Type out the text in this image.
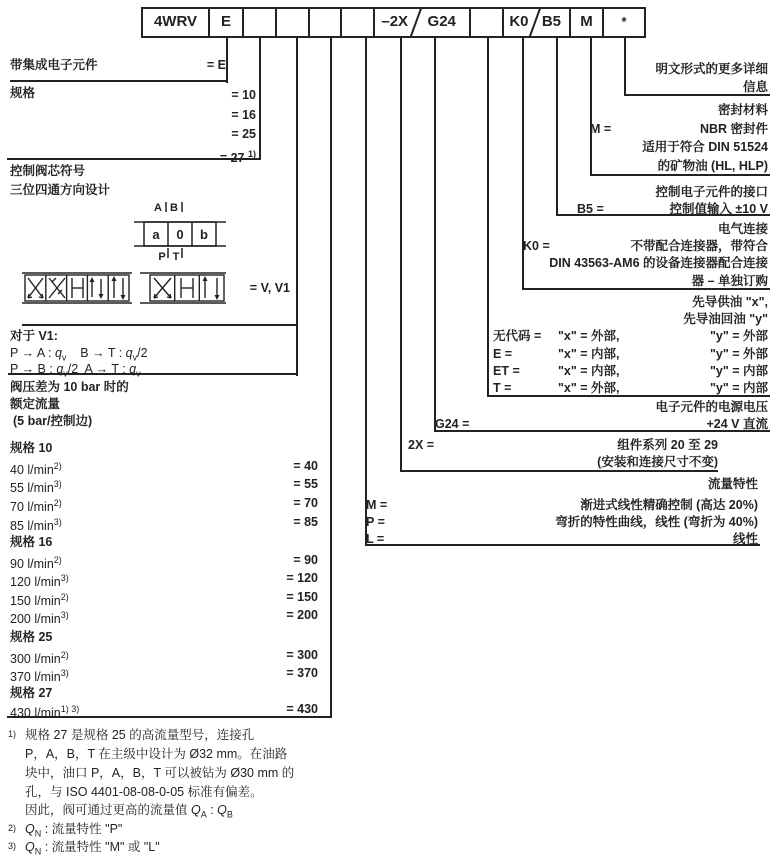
4WRV	E	–2X	G24	K0 B5	M	*
带集成电子元件	= E
规格	= 10
= 16
= 25
= 27 $^{1)}$
控制阀芯符号
三位四通方向设计
A B
a 0 b
P T
= V, V1
对于 V1:
P → A : $q_v$    B → T : $q_v/2$
P → B : $q_v/2$  A → T : $q_v$
阀压差为 10 bar 时的
额定流量
(5 bar/控制边)
规格 10
40 $l/\min^{2)}$	= 40
55 $l/\min^{3)}$	= 55
70 $l/\min^{2)}$	= 70
85 $l/\min^{3)}$	= 85
规格 16
90 $l/\min^{2)}$	= 90
120 $l/\min^{3)}$	= 120
150 $l/\min^{2)}$	= 150
200 $l/\min^{3)}$	= 200
规格 25
300 $l/\min^{2)}$	= 300
370 $l/\min^{3)}$	= 370
规格 27
430 $l/\min^{1) 3)}$	= 430
1) 规格 27 是规格 25 的高流量型号，连接孔
P，A，B，T 在主级中设计为 Ø32 mm。在油路
块中，油口 P，A，B，T 可以被钻为 Ø30 mm 的
孔，与 ISO 4401-08-08-0-05 标准有偏差。
因此，阀可通过更高的流量值 $Q_A$ : $Q_B$
2) $Q_N$ : 流量特性 "P"
3) $Q_N$ : 流量特性 "M" 或 "L"
明文形式的更多详细
信息
密封材料
M =	NBR 密封件
适用于符合 DIN 51524
的矿物油 (HL, HLP)
控制电子元件的接口
B5 =	控制值输入 ±10 V
电气连接
K0 =	不带配合连接器，带符合
DIN 43563-AM6 的设备连接器配合连接
器 – 单独订购
先导供油 "x",
先导油回油 "y"
无代码 = "x" = 外部,	"y" = 外部
E =	"x" = 内部,	"y" = 外部
ET =	"x" = 内部,	"y" = 内部
T =	"x" = 外部,	"y" = 内部
电子元件的电源电压
G24 =	+24 V 直流
2X =	组件系列 20 至 29
(安装和连接尺寸不变)
流量特性
M =	渐进式线性精确控制 (高达 20%)
P =	弯折的特性曲线，线性 (弯折为 40%)
L =	线性
